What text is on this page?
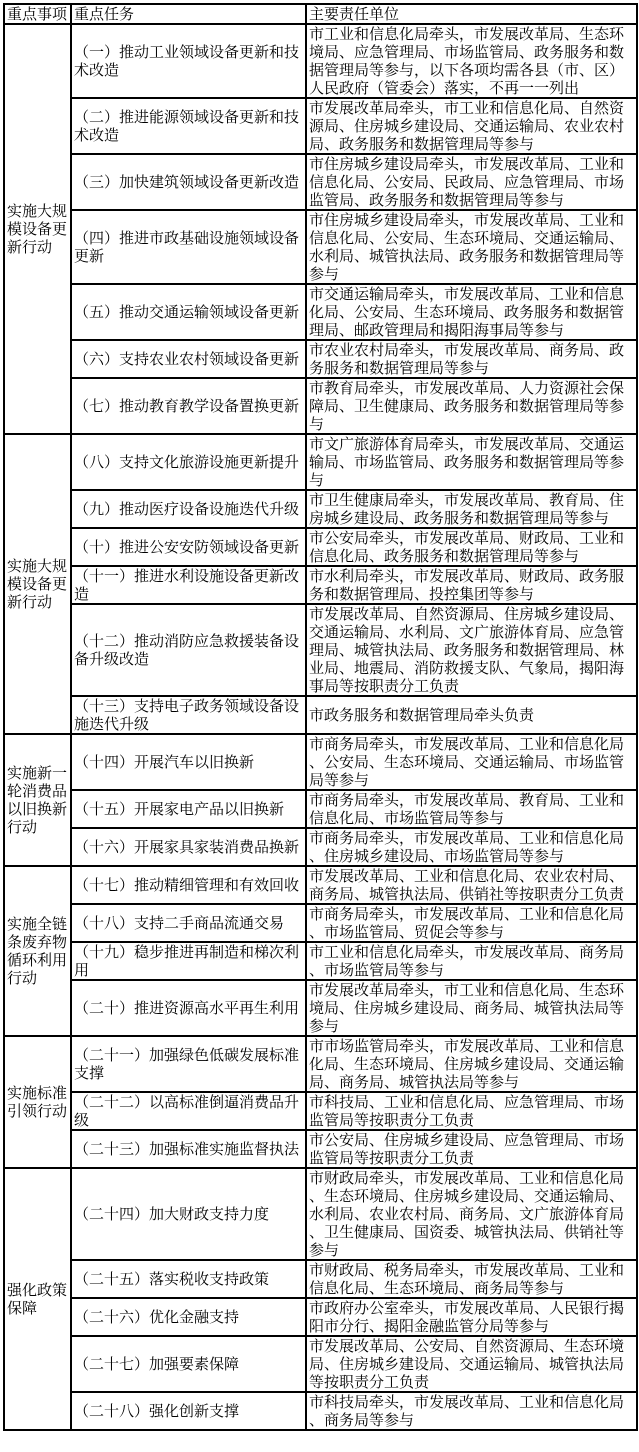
重点事项	重点任务	主要责任单位
实施大规模设备更新行动	（一）推动工业领域设备更新和技术改造	市工业和信息化局牵头，市发展改革局、生态环境局、应急管理局、市场监管局、政务服务和数据管理局等参与，以下各项均需各县（市、区）人民政府（管委会）落实，不再一一列出
	（二）推进能源领域设备更新和技术改造	市发展改革局牵头，市工业和信息化局、自然资源局、住房城乡建设局、交通运输局、农业农村局、政务服务和数据管理局等参与
	（三）加快建筑领域设备更新改造	市住房城乡建设局牵头，市发展改革局、工业和信息化局、公安局、民政局、应急管理局、市场监管局、政务服务和数据管理局等参与
	（四）推进市政基础设施领域设备更新	市住房城乡建设局牵头，市发展改革局、工业和信息化局、公安局、生态环境局、交通运输局、水利局、城管执法局、政务服务和数据管理局等参与
	（五）推动交通运输领域设备更新	市交通运输局牵头，市发展改革局、工业和信息化局、公安局、生态环境局、政务服务和数据管理局、邮政管理局和揭阳海事局等参与
	（六）支持农业农村领域设备更新	市农业农村局牵头，市发展改革局、商务局、政务服务和数据管理局等参与
	（七）推动教育教学设备置换更新	市教育局牵头，市发展改革局、人力资源社会保障局、卫生健康局、政务服务和数据管理局等参与
实施大规模设备更新行动	（八）支持文化旅游设施更新提升	市文广旅游体育局牵头，市发展改革局、交通运输局、市场监管局、政务服务和数据管理局等参与
	（九）推动医疗设备设施迭代升级	市卫生健康局牵头，市发展改革局、教育局、住房城乡建设局、政务服务和数据管理局等参与
	（十）推进公安安防领域设备更新	市公安局牵头，市发展改革局、财政局、工业和信息化局、政务服务和数据管理局等参与
	（十一）推进水利设施设备更新改造	市水利局牵头，市发展改革局、财政局、政务服务和数据管理局、投控集团等参与
	（十二）推动消防应急救援装备设备升级改造	市发展改革局、自然资源局、住房城乡建设局、交通运输局、水利局、文广旅游体育局、应急管理局、城管执法局、政务服务和数据管理局、林业局、地震局、消防救援支队、气象局，揭阳海事局等按职责分工负责
	（十三）支持电子政务领域设备设施迭代升级	市政务服务和数据管理局牵头负责
实施新一轮消费品以旧换新行动	（十四）开展汽车以旧换新	市商务局牵头，市发展改革局、工业和信息化局、公安局、生态环境局、交通运输局、市场监管局等参与
	（十五）开展家电产品以旧换新	市商务局牵头，市发展改革局、教育局、工业和信息化局、市场监管局等参与
	（十六）开展家具家装消费品换新	市商务局牵头，市发展改革局、工业和信息化局、住房城乡建设局、市场监管局等参与
实施全链条废弃物循环利用行动	（十七）推动精细管理和有效回收	市发展改革局、工业和信息化局、农业农村局、商务局、城管执法局、供销社等按职责分工负责
	（十八）支持二手商品流通交易	市商务局牵头，市发展改革局、工业和信息化局、市场监管局、贸促会等参与
	（十九）稳步推进再制造和梯次利用	市工业和信息化局牵头，市发展改革局、商务局、市场监管局等参与
	（二十）推进资源高水平再生利用	市发展改革局牵头，市工业和信息化局、生态环境局、住房城乡建设局、商务局、城管执法局等参与
实施标准引领行动	（二十一）加强绿色低碳发展标准支撑	市市场监管局牵头，市发展改革局、工业和信息化局、生态环境局、住房城乡建设局、交通运输局、商务局、城管执法局等参与
	（二十二）以高标准倒逼消费品升级	市科技局、工业和信息化局、应急管理局、市场监管局等按职责分工负责
	（二十三）加强标准实施监督执法	市公安局、住房城乡建设局、应急管理局、市场监管局等按职责分工负责
强化政策保障	（二十四）加大财政支持力度	市财政局牵头，市发展改革局、工业和信息化局、生态环境局、住房城乡建设局、交通运输局、水利局、农业农村局、商务局、文广旅游体育局、卫生健康局、国资委、城管执法局、供销社等参与
	（二十五）落实税收支持政策	市财政局、税务局牵头，市发展改革局、工业和信息化局、生态环境局、商务局等参与
	（二十六）优化金融支持	市政府办公室牵头，市发展改革局、人民银行揭阳市分行、揭阳金融监管分局等参与
	（二十七）加强要素保障	市发展改革局、公安局、自然资源局、生态环境局、住房城乡建设局、交通运输局、城管执法局等按职责分工负责
	（二十八）强化创新支撑	市科技局牵头，市发展改革局、工业和信息化局、商务局等参与
